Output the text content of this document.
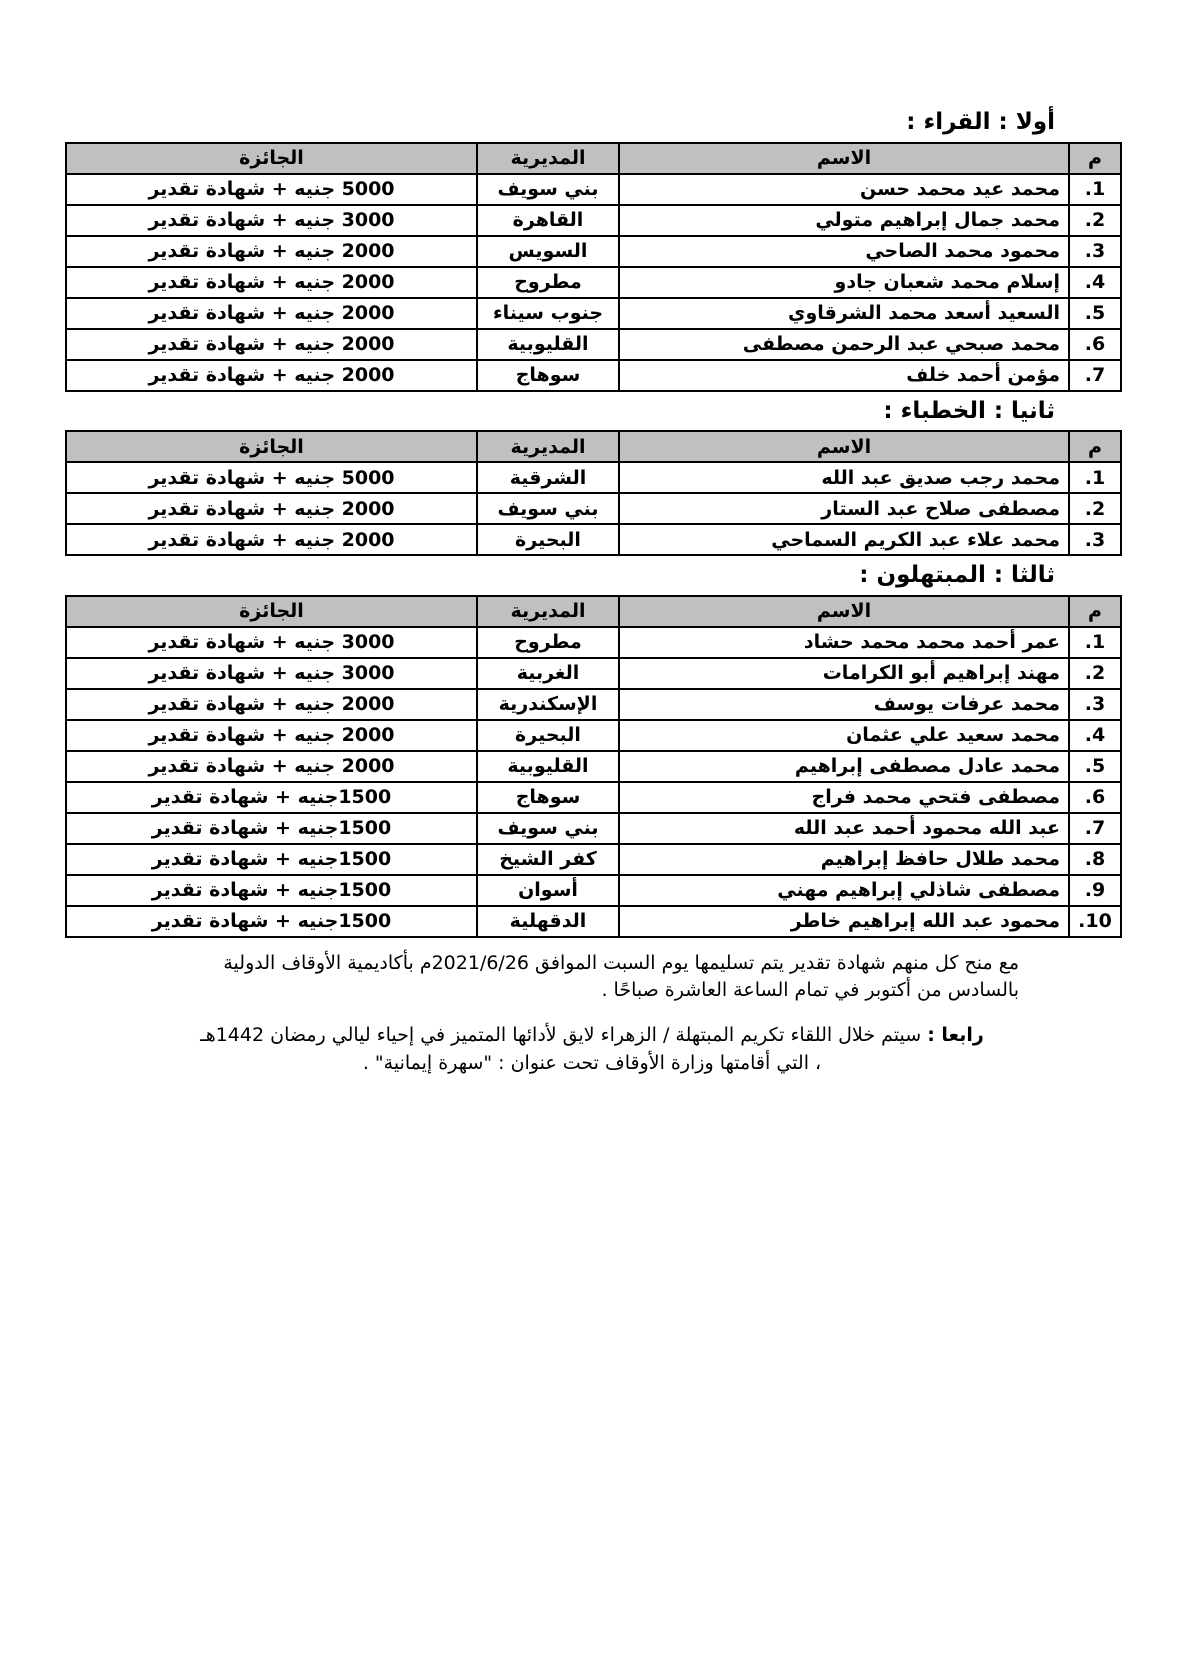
أولا : القراء :
م	الاسم	المديرية	الجائزة
1.	محمد عيد محمد حسن	بني سويف	5000 جنيه + شهادة تقدير
2.	محمد جمال إبراهيم متولي	القاهرة	3000 جنيه + شهادة تقدير
3.	محمود محمد الصاحي	السويس	2000 جنيه + شهادة تقدير
4.	إسلام محمد شعبان جادو	مطروح	2000 جنيه + شهادة تقدير
5.	السعيد أسعد محمد الشرقاوي	جنوب سيناء	2000 جنيه + شهادة تقدير
6.	محمد صبحي عبد الرحمن مصطفى	القليوبية	2000 جنيه + شهادة تقدير
7.	مؤمن أحمد خلف	سوهاج	2000 جنيه + شهادة تقدير
ثانيا : الخطباء :
م	الاسم	المديرية	الجائزة
1.	محمد رجب صديق عبد الله	الشرقية	5000 جنيه + شهادة تقدير
2.	مصطفى صلاح عبد الستار	بني سويف	2000 جنيه + شهادة تقدير
3.	محمد علاء عبد الكريم السماحي	البحيرة	2000 جنيه + شهادة تقدير
ثالثا : المبتهلون :
م	الاسم	المديرية	الجائزة
1.	عمر أحمد محمد محمد حشاد	مطروح	3000 جنيه + شهادة تقدير
2.	مهند إبراهيم أبو الكرامات	الغربية	3000 جنيه + شهادة تقدير
3.	محمد عرفات يوسف	الإسكندرية	2000 جنيه + شهادة تقدير
4.	محمد سعيد علي عثمان	البحيرة	2000 جنيه + شهادة تقدير
5.	محمد عادل مصطفى إبراهيم	القليوبية	2000 جنيه + شهادة تقدير
6.	مصطفى فتحي محمد فراج	سوهاج	1500جنيه + شهادة تقدير
7.	عبد الله محمود أحمد عبد الله	بني سويف	1500جنيه + شهادة تقدير
8.	محمد طلال حافظ إبراهيم	كفر الشيخ	1500جنيه + شهادة تقدير
9.	مصطفى شاذلي إبراهيم مهني	أسوان	1500جنيه + شهادة تقدير
10.	محمود عبد الله إبراهيم خاطر	الدقهلية	1500جنيه + شهادة تقدير

مع منح كل منهم شهادة تقدير يتم تسليمها يوم السبت الموافق 2021/6/26م بأكاديمية الأوقاف الدولية بالسادس من أكتوبر في تمام الساعة العاشرة صباحًا .

رابعا : سيتم خلال اللقاء تكريم المبتهلة / الزهراء لايق لأدائها المتميز في إحياء ليالي رمضان 1442هـ ، التي أقامتها وزارة الأوقاف تحت عنوان : "سهرة إيمانية" .
